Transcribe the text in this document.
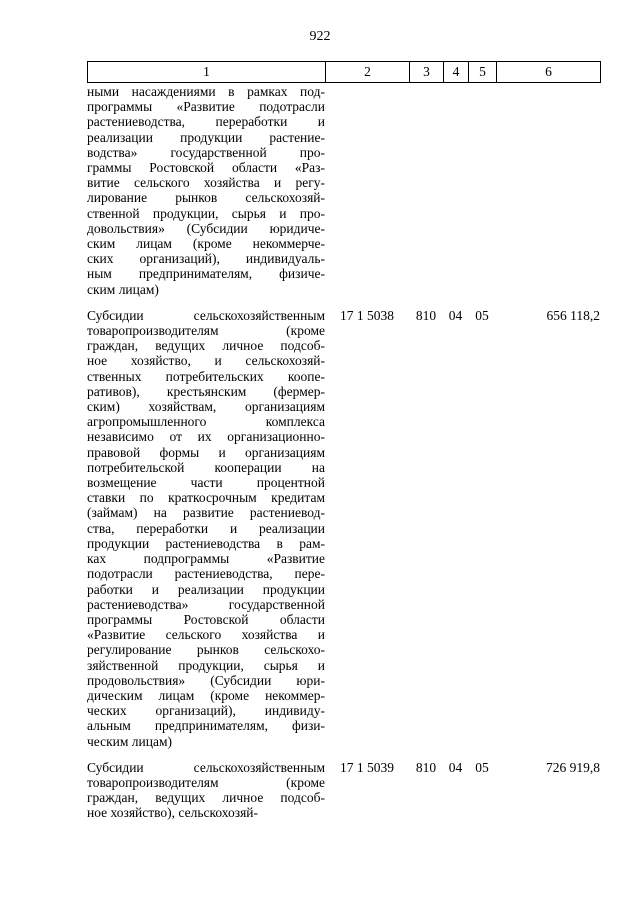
922
1	2	3	4	5	6
ными насаждениями в рамках под-
программы «Развитие подотрасли
растениеводства, переработки и
реализации продукции растение-
водства» государственной про-
граммы Ростовской области «Раз-
витие сельского хозяйства и регу-
лирование рынков сельскохозяй-
ственной продукции, сырья и про-
довольствия» (Субсидии юридиче-
ским лицам (кроме некоммерче-
ских организаций), индивидуаль-
ным предпринимателям, физиче-
ским лицам)
Субсидии сельскохозяйственным
товаропроизводителям (кроме
граждан, ведущих личное подсоб-
ное хозяйство, и сельскохозяй-
ственных потребительских коопе-
ративов), крестьянским (фермер-
ским) хозяйствам, организациям
агропромышленного комплекса
независимо от их организационно-
правовой формы и организациям
потребительской кооперации на
возмещение части процентной
ставки по краткосрочным кредитам
(займам) на развитие растениевод-
ства, переработки и реализации
продукции растениеводства в рам-
ках подпрограммы «Развитие
подотрасли растениеводства, пере-
работки и реализации продукции
растениеводства» государственной
программы Ростовской области
«Развитие сельского хозяйства и
регулирование рынков сельскохо-
зяйственной продукции, сырья и
продовольствия» (Субсидии юри-
дическим лицам (кроме некоммер-
ческих организаций), индивиду-
альным предпринимателям, физи-
ческим лицам)
17 1 5038	810 04 05	656 118,2
Субсидии сельскохозяйственным
товаропроизводителям (кроме
граждан, ведущих личное подсоб-
ное хозяйство), сельскохозяй-
17 1 5039	810 04 05	726 919,8
